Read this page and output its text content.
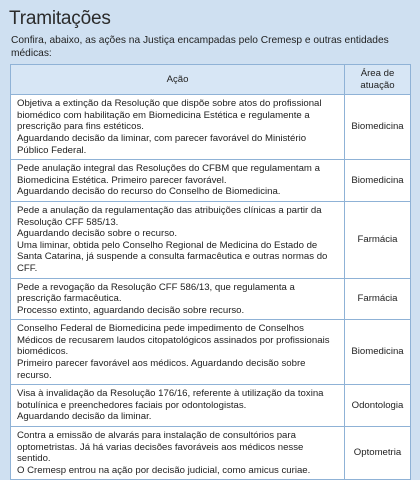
Tramitações
Confira, abaixo, as ações na Justiça encampadas pelo Cremesp e outras entidades médicas:
Ação	Área de atuação

Objetiva a extinção da Resolução que dispõe sobre atos do profissional biomédico com habilitação em Biomedicina Estética e regulamente a prescrição para fins estéticos.
Aguardando decisão da liminar, com parecer favorável do Ministério Público Federal.	Biomedicina

Pede anulação integral das Resoluções do CFBM que regulamentam a Biomedicina Estética. Primeiro parecer favorável.
Aguardando decisão do recurso do Conselho de Biomedicina.	Biomedicina

Pede a anulação da regulamentação das atribuições clínicas a partir da Resolução CFF 585/13.
Aguardando decisão sobre o recurso.
Uma liminar, obtida pelo Conselho Regional de Medicina do Estado de Santa Catarina, já suspende a consulta farmacêutica e outras normas do CFF.	Farmácia

Pede a revogação da Resolução CFF 586/13, que regulamenta a prescrição farmacêutica.
Processo extinto, aguardando decisão sobre recurso.	Farmácia

Conselho Federal de Biomedicina pede impedimento de Conselhos Médicos de recusarem laudos citopatológicos assinados por profissionais biomédicos.
Primeiro parecer favorável aos médicos. Aguardando decisão sobre recurso.	Biomedicina

Visa à invalidação da Resolução 176/16, referente à utilização da toxina botulínica e preenchedores faciais por odontologistas.
Aguardando decisão da liminar.	Odontologia

Contra a emissão de alvarás para instalação de consultórios para optometristas. Já há varias decisões favoráveis aos médicos nesse sentido.
O Cremesp entrou na ação por decisão judicial, como amicus curiae.	Optometria
